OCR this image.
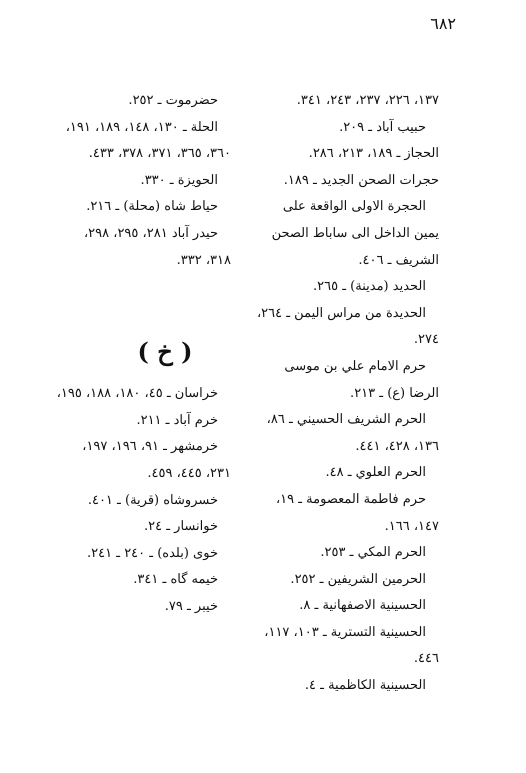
٦٨٢
١٣٧، ٢٢٦، ٢٣٧، ٢٤٣، ٣٤١.
حبيب آباد ـ ٢٠٩.
الحجاز ـ ١٨٩، ٢١٣، ٢٨٦.
حجرات الصحن الجديد ـ ١٨٩.
الحجرة الاولى الواقعة على
يمين الداخل الى ساباط الصحن
الشريف ـ ٤٠٦.
الحديد (مدينة) ـ ٢٦٥.
الحديدة من مراس اليمن ـ ٢٦٤،
٢٧٤.
حرم الامام علي بن موسى
الرضا (ع) ـ ٢١٣.
الحرم الشريف الحسيني ـ ٨٦،
١٣٦، ٤٢٨، ٤٤١.
الحرم العلوي ـ ٤٨.
حرم فاطمة المعصومة ـ ١٩،
١٤٧، ١٦٦.
الحرم المكي ـ ٢٥٣.
الحرمين الشريفين ـ ٢٥٢.
الحسينية الاصفهانية ـ ٨.
الحسينية التسترية ـ ١٠٣، ١١٧،
٤٤٦.
الحسينية الكاظمية ـ ٤.
حضرموت ـ ٢٥٢.
الحلة ـ ١٣٠، ١٤٨، ١٨٩، ١٩١،
٣٦٠، ٣٦٥، ٣٧١، ٣٧٨، ٤٣٣.
الحويزة ـ ٣٣٠.
حياط شاه (محلة) ـ ٢١٦.
حيدر آباد ٢٨١، ٢٩٥، ٢٩٨،
٣١٨، ٣٣٢.
( خ )
خراسان ـ ٤٥، ١٨٠، ١٨٨، ١٩٥،
خرم آباد ـ ٢١١.
خرمشهر ـ ٩١، ١٩٦، ١٩٧،
٢٣١، ٤٤٥، ٤٥٩.
خسروشاه (قرية) ـ ٤٠١.
خوانسار ـ ٢٤.
خوى (بلده) ـ ٢٤٠ ـ ٢٤١.
خيمه گاه ـ ٣٤١.
خيبر ـ ٧٩.
